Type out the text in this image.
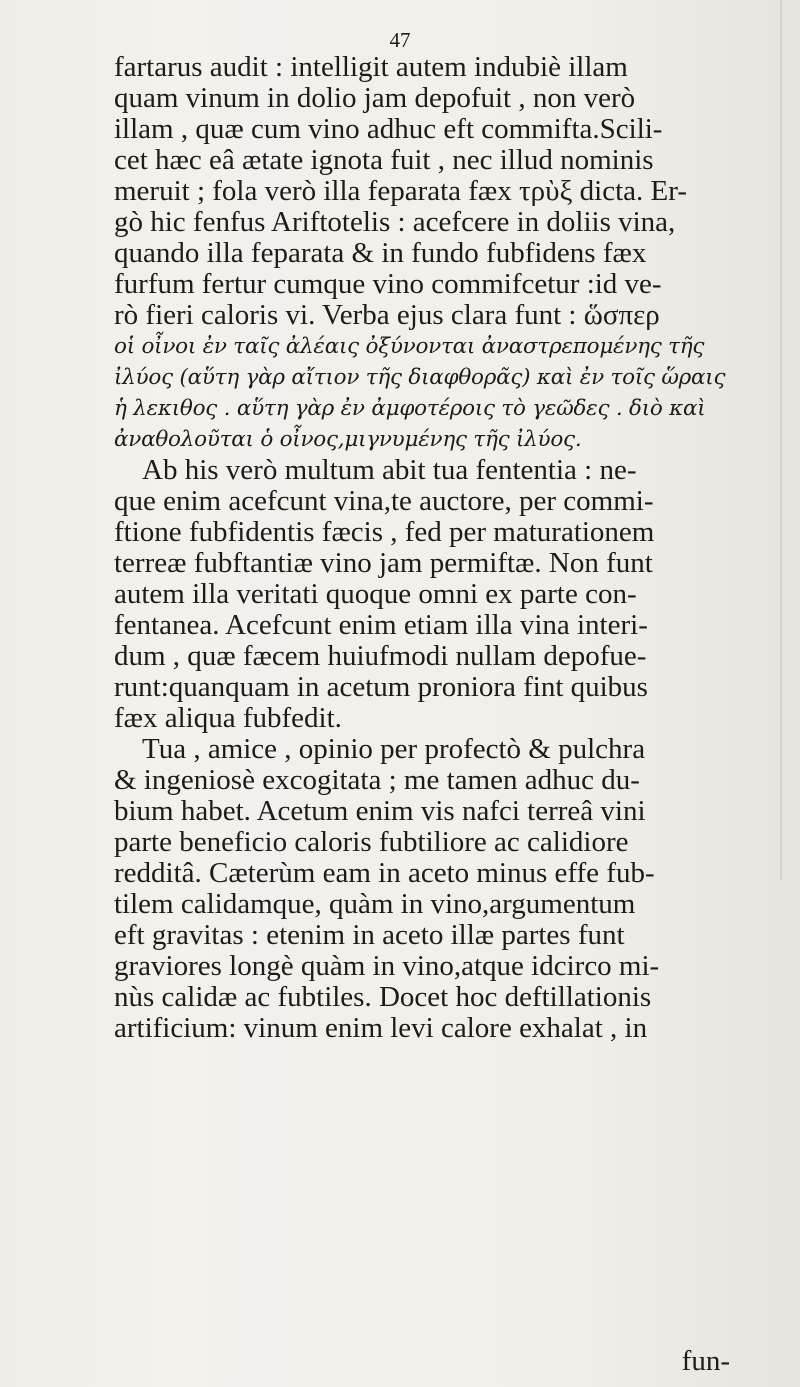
47
fartarus audit : intelligit autem indubiè illam
quam vinum in dolio jam depofuit , non verò
illam , quæ cum vino adhuc eft commifta.Scili-
cet hæc eâ ætate ignota fuit , nec illud nominis
meruit ; fola verò illa feparata fæx τρὺξ dicta. Er-
gò hic fenfus Ariftotelis : acefcere in doliis vina,
quando illa feparata & in fundo fubfidens fæx
furfum fertur cumque vino commifcetur :id ve-
rò fieri caloris vi. Verba ejus clara funt : ὥσπερ
οἱ οἶνοι ἐν ταῖς ἀλέαις ὀξύνονται ἀναστρεπομένης τῆς
ἰλύος (αὕτη γὰρ αἴτιον τῆς διαφθορᾶς) καὶ ἐν τοῖς ὥραις
ἡ λεκιθος . αὕτη γὰρ ἐν ἀμφοτέροις τὸ γεῶδες . διὸ καὶ
ἀναθολοῦται ὁ οἶνος,μιγνυμένης τῆς ἰλύος.
Ab his verò multum abit tua fententia : ne-
que enim acefcunt vina,te auctore, per commi-
ftione fubfidentis fæcis , fed per maturationem
terreæ fubftantiæ vino jam permiftæ. Non funt
autem illa veritati quoque omni ex parte con-
fentanea. Acefcunt enim etiam illa vina interi-
dum , quæ fæcem huiufmodi nullam depofue-
runt:quanquam in acetum proniora fint quibus
fæx aliqua fubfedit.
Tua , amice , opinio per profectò & pulchra
& ingeniosè excogitata ; me tamen adhuc du-
bium habet. Acetum enim vis nafci terreâ vini
parte beneficio caloris fubtiliore ac calidiore
redditâ. Cæterùm eam in aceto minus effe fub-
tilem calidamque, quàm in vino,argumentum
eft gravitas : etenim in aceto illæ partes funt
graviores longè quàm in vino,atque idcirco mi-
nùs calidæ ac fubtiles. Docet hoc deftillationis
artificium: vinum enim levi calore exhalat , in
fun-
